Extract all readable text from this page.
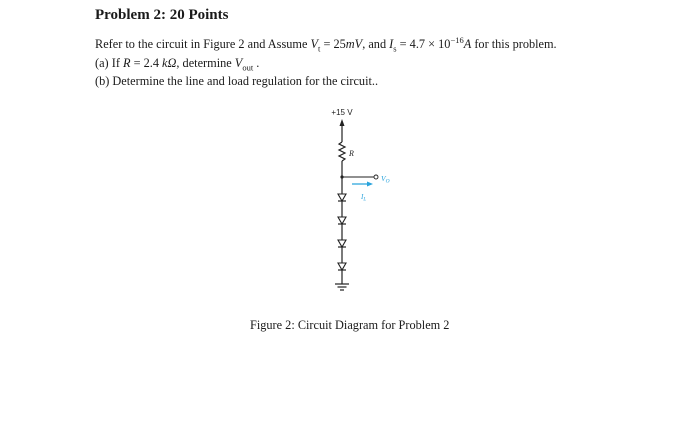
Problem 2: 20 Points
Refer to the circuit in Figure 2 and Assume $V_t = 25mV$, and $I_s = 4.7 \times 10^{-16}A$ for this problem.
(a) If R = 2.4 kΩ, determine $V_{out}$ .
(b) Determine the line and load regulation for the circuit..
+15 V
R
$V_O$
$I_L$
Figure 2: Circuit Diagram for Problem 2
